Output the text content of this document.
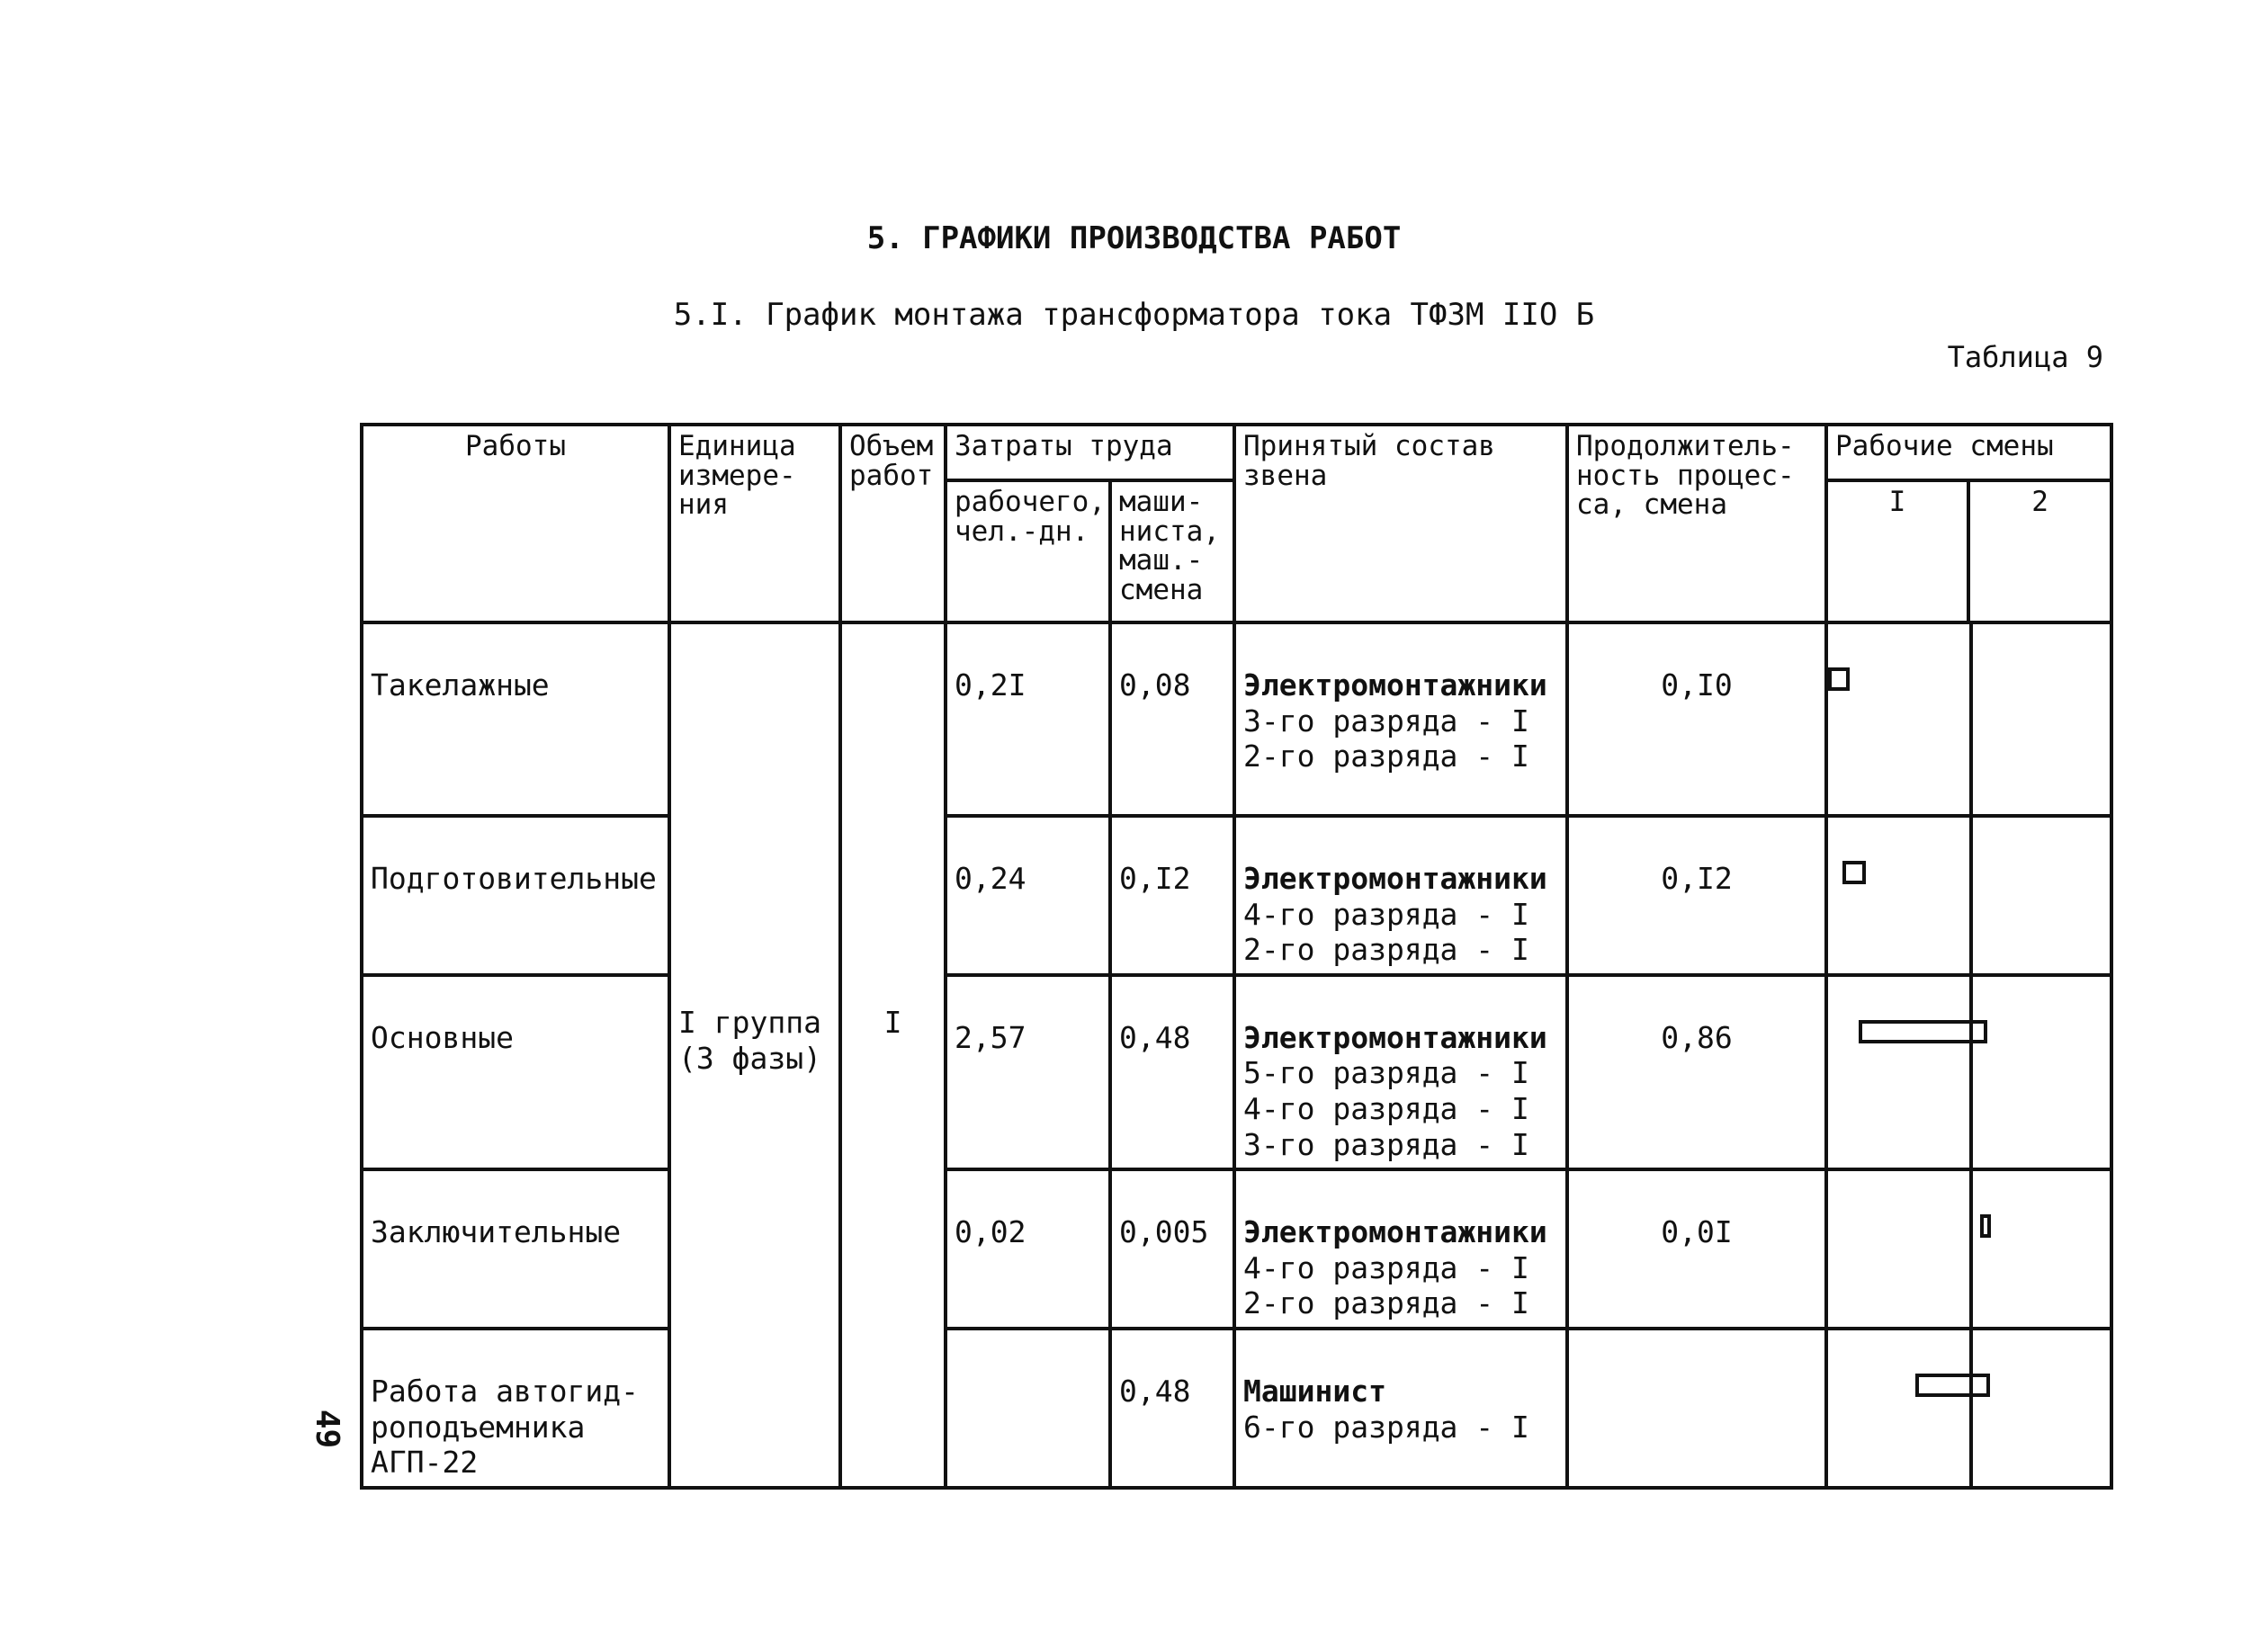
5. ГРАФИКИ ПРОИЗВОДСТВА РАБОТ
5.I. График монтажа трансформатора тока ТФЗМ IIO Б
Таблица 9
49
Работы	Единица измере-ния	Объем работ	Затраты труда		Принятый состав звена	Продолжитель-ность процес-са, смена	Рабочие смены	
			рабочего, чел.-дн.	маши-ниста, маш.-смена			I	2
Такелажные	I группа (3 фазы)	I	0,2I	0,08	Электромонтажники
3-го разряда - I
2-го разряда - I	0,I0		

Подготовительные			0,24	0,I2	Электромонтажники
4-го разряда - I
2-го разряда - I	0,I2		

Основные			2,57	0,48	Электромонтажники
5-го разряда - I
4-го разряда - I
3-го разряда - I	0,86		

Заключительные			0,02	0,005	Электромонтажники
4-го разряда - I
2-го разряда - I	0,0I		

Работа автогид-роподъемника АГП-22				0,48	Машинист
6-го разряда - I			
